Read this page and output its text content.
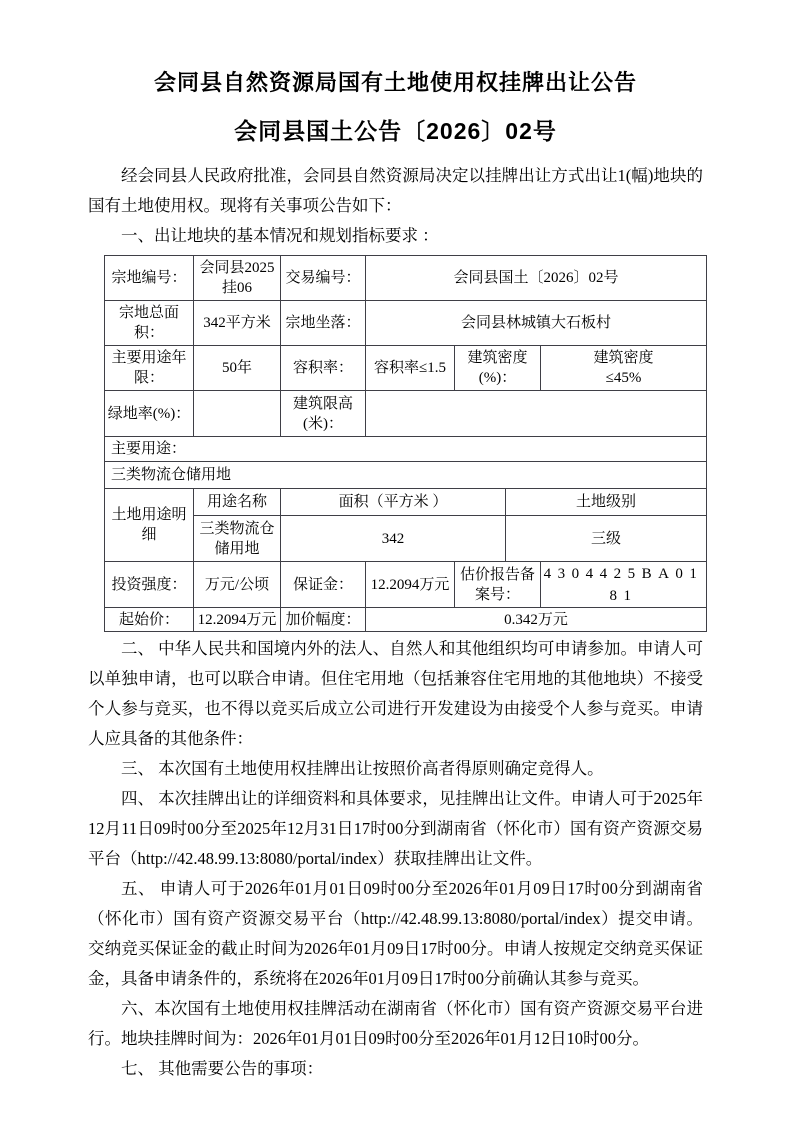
会同县自然资源局国有土地使用权挂牌出让公告
会同县国土公告〔2026〕02号

经会同县人民政府批准，会同县自然资源局决定以挂牌出让方式出让1(幅)地块的国有土地使用权。现将有关事项公告如下：

一、出让地块的基本情况和规划指标要求 ：

宗地编号：	会同县2025挂06	交易编号：	会同县国土〔2026〕02号			
宗地总面积：	342平方米	宗地坐落：	会同县林城镇大石板村			
主要用途年限：	50年	容积率：	容积率≤1.5	建筑密度(%)：		建筑密度≤45%
绿地率(%)：		建筑限高(米)：				
主要用途：						
三类物流仓储用地						
土地用途明细	用途名称	面积（平方米 ）			土地级别	
	三类物流仓储用地	342			三级	
投资强度：	万元/公顷	保证金：	12.2094万元	估价报告备案号：		4304425BA0181
起始价：	12.2094万元	加价幅度：	0.342万元			

二、 中华人民共和国境内外的法人、自然人和其他组织均可申请参加。申请人可以单独申请，也可以联合申请。但住宅用地（包括兼容住宅用地的其他地块）不接受个人参与竞买，也不得以竞买后成立公司进行开发建设为由接受个人参与竞买。申请人应具备的其他条件：

三、 本次国有土地使用权挂牌出让按照价高者得原则确定竞得人。

四、 本次挂牌出让的详细资料和具体要求，见挂牌出让文件。申请人可于2025年12月11日09时00分至2025年12月31日17时00分到湖南省（怀化市）国有资产资源交易平台（http://42.48.99.13:8080/portal/index）获取挂牌出让文件。

五、 申请人可于2026年01月01日09时00分至2026年01月09日17时00分到湖南省（怀化市）国有资产资源交易平台（http://42.48.99.13:8080/portal/index）提交申请。交纳竞买保证金的截止时间为2026年01月09日17时00分。申请人按规定交纳竞买保证金，具备申请条件的，系统将在2026年01月09日17时00分前确认其参与竞买。

六、本次国有土地使用权挂牌活动在湖南省（怀化市）国有资产资源交易平台进行。地块挂牌时间为：2026年01月01日09时00分至2026年01月12日10时00分。

七、 其他需要公告的事项：
